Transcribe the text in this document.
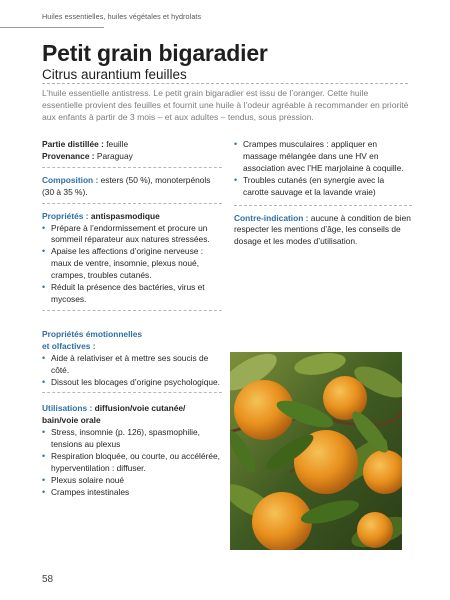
Huiles essentielles, huiles végétales et hydrolats
Petit grain bigaradier
Citrus aurantium feuilles

L’huile essentielle antistress. Le petit grain bigaradier est issu de l’oranger. Cette huile essentielle provient des feuilles et fournit une huile à l’odeur agréable à recommander en priorité aux enfants à partir de 3 mois – et aux adultes – tendus, sous pression.

Partie distillée : feuille
Provenance : Paraguay
Composition : esters (50 %), monoterpénols (30 à 35 %).
Propriétés : antispasmodique
• Prépare à l’endormissement et procure un sommeil réparateur aux natures stressées.
• Apaise les affections d’origine nerveuse : maux de ventre, insomnie, plexus noué, crampes, troubles cutanés.
• Réduit la présence des bactéries, virus et mycoses.
Propriétés émotionnelles
et olfactives :
• Aide à relativiser et à mettre ses soucis de côté.
• Dissout les blocages d’origine psychologique.
Utilisations : diffusion/voie cutanée/
bain/voie orale
• Stress, insomnie (p. 126), spasmophilie, tensions au plexus
• Respiration bloquée, ou courte, ou accélérée, hyperventilation : diffuser.
• Plexus solaire noué
• Crampes intestinales
• Crampes musculaires : appliquer en massage mélangée dans une HV en association avec l’HE marjolaine à coquille.
• Troubles cutanés (en synergie avec la carotte sauvage et la lavande vraie)
Contre-indication : aucune à condition de bien respecter les mentions d’âge, les conseils de dosage et les modes d’utilisation.
58
